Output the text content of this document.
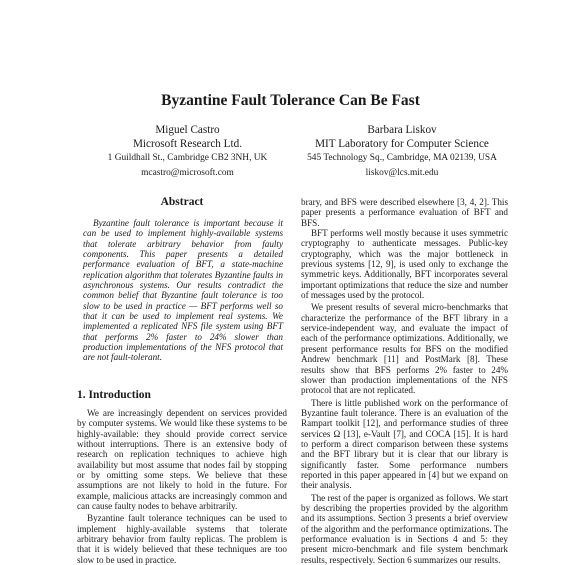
Byzantine Fault Tolerance Can Be Fast
Miguel Castro
Microsoft Research Ltd.
1 Guildhall St., Cambridge CB2 3NH, UK
mcastro@microsoft.com
Barbara Liskov
MIT Laboratory for Computer Science
545 Technology Sq., Cambridge, MA 02139, USA
liskov@lcs.mit.edu
Abstract

Byzantine fault tolerance is important because it can be used to implement highly-available systems that tolerate arbitrary behavior from faulty components. This paper presents a detailed performance evaluation of BFT, a state-machine replication algorithm that tolerates Byzantine faults in asynchronous systems. Our results contradict the common belief that Byzantine fault tolerance is too slow to be used in practice — BFT performs well so that it can be used to implement real systems. We implemented a replicated NFS file system using BFT that performs 2% faster to 24% slower than production implementations of the NFS protocol that are not fault-tolerant.

1. Introduction

We are increasingly dependent on services provided by computer systems. We would like these systems to be highly-available: they should provide correct service without interruptions. There is an extensive body of research on replication techniques to achieve high availability but most assume that nodes fail by stopping or by omitting some steps. We believe that these assumptions are not likely to hold in the future. For example, malicious attacks are increasingly common and can cause faulty nodes to behave arbitrarily.

Byzantine fault tolerance techniques can be used to implement highly-available systems that tolerate arbitrary behavior from faulty replicas. The problem is that it is widely believed that these techniques are too slow to be used in practice.

brary, and BFS were described elsewhere [3, 4, 2]. This paper presents a performance evaluation of BFT and BFS.

BFT performs well mostly because it uses symmetric cryptography to authenticate messages. Public-key cryptography, which was the major bottleneck in previous systems [12, 9], is used only to exchange the symmetric keys. Additionally, BFT incorporates several important optimizations that reduce the size and number of messages used by the protocol.

We present results of several micro-benchmarks that characterize the performance of the BFT library in a service-independent way, and evaluate the impact of each of the performance optimizations. Additionally, we present performance results for BFS on the modified Andrew benchmark [11] and PostMark [8]. These results show that BFS performs 2% faster to 24% slower than production implementations of the NFS protocol that are not replicated.

There is little published work on the performance of Byzantine fault tolerance. There is an evaluation of the Rampart toolkit [12], and performance studies of three services Ω [13], e-Vault [7], and COCA [15]. It is hard to perform a direct comparison between these systems and the BFT library but it is clear that our library is significantly faster. Some performance numbers reported in this paper appeared in [4] but we expand on their analysis.

The rest of the paper is organized as follows. We start by describing the properties provided by the algorithm and its assumptions. Section 3 presents a brief overview of the algorithm and the performance optimizations. The performance evaluation is in Sections 4 and 5: they present micro-benchmark and file system benchmark results, respectively. Section 6 summarizes our results.
